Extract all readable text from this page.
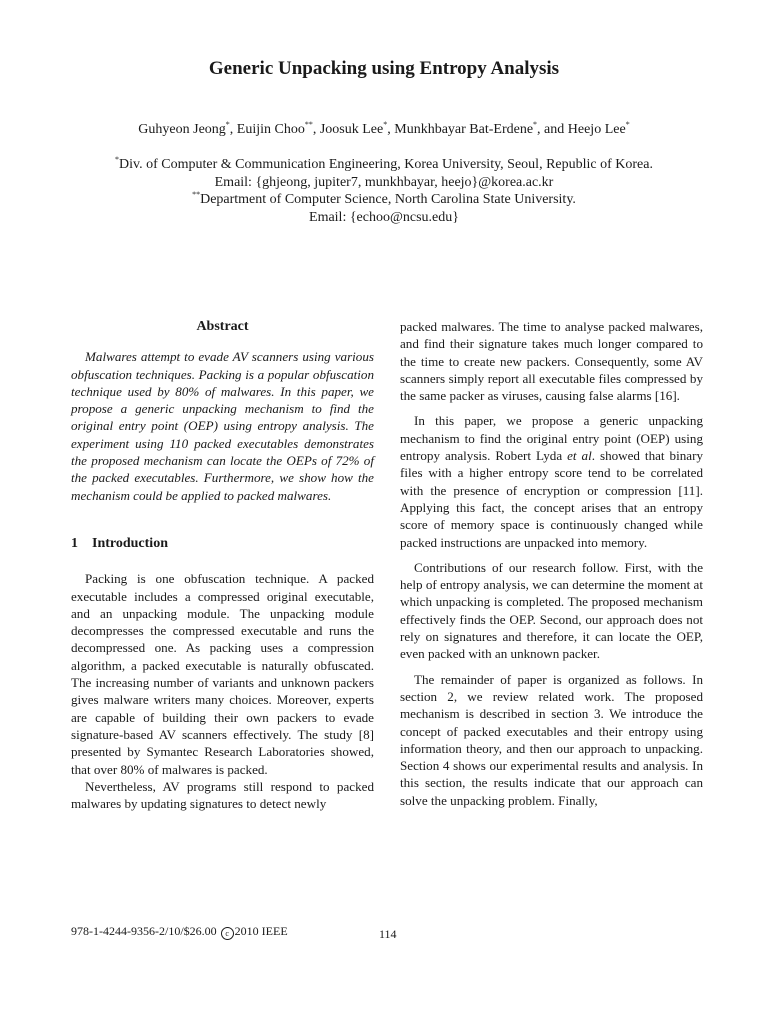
Generic Unpacking using Entropy Analysis
Guhyeon Jeong*, Euijin Choo**, Joosuk Lee*, Munkhbayar Bat-Erdene*, and Heejo Lee*
*Div. of Computer & Communication Engineering, Korea University, Seoul, Republic of Korea.
Email: {ghjeong, jupiter7, munkhbayar, heejo}@korea.ac.kr
**Department of Computer Science, North Carolina State University.
Email: {echoo@ncsu.edu}
Abstract

Malwares attempt to evade AV scanners using various obfuscation techniques. Packing is a popular obfuscation technique used by 80% of malwares. In this paper, we propose a generic unpacking mechanism to find the original entry point (OEP) using entropy analysis. The experiment using 110 packed executables demonstrates the proposed mechanism can locate the OEPs of 72% of the packed executables. Furthermore, we show how the mechanism could be applied to packed malwares.

1 Introduction

Packing is one obfuscation technique. A packed executable includes a compressed original executable, and an unpacking module. The unpacking module decompresses the compressed executable and runs the decompressed one. As packing uses a compression algorithm, a packed executable is naturally obfuscated. The increasing number of variants and unknown packers gives malware writers many choices. Moreover, experts are capable of building their own packers to evade signature-based AV scanners effectively. The study [8] presented by Symantec Research Laboratories showed, that over 80% of malwares is packed.

Nevertheless, AV programs still respond to packed malwares by updating signatures to detect newly

packed malwares. The time to analyse packed malwares, and find their signature takes much longer compared to the time to create new packers. Consequently, some AV scanners simply report all executable files compressed by the same packer as viruses, causing false alarms [16].

In this paper, we propose a generic unpacking mechanism to find the original entry point (OEP) using entropy analysis. Robert Lyda et al. showed that binary files with a higher entropy score tend to be correlated with the presence of encryption or compression [11]. Applying this fact, the concept arises that an entropy score of memory space is continuously changed while packed instructions are unpacked into memory.

Contributions of our research follow. First, with the help of entropy analysis, we can determine the moment at which unpacking is completed. The proposed mechanism effectively finds the OEP. Second, our approach does not rely on signatures and therefore, it can locate the OEP, even packed with an unknown packer.

The remainder of paper is organized as follows. In section 2, we review related work. The proposed mechanism is described in section 3. We introduce the concept of packed executables and their entropy using information theory, and then our approach to unpacking. Section 4 shows our experimental results and analysis. In this section, the results indicate that our approach can solve the unpacking problem. Finally,

978-1-4244-9356-2/10/$26.00 c 2010 IEEE	114
